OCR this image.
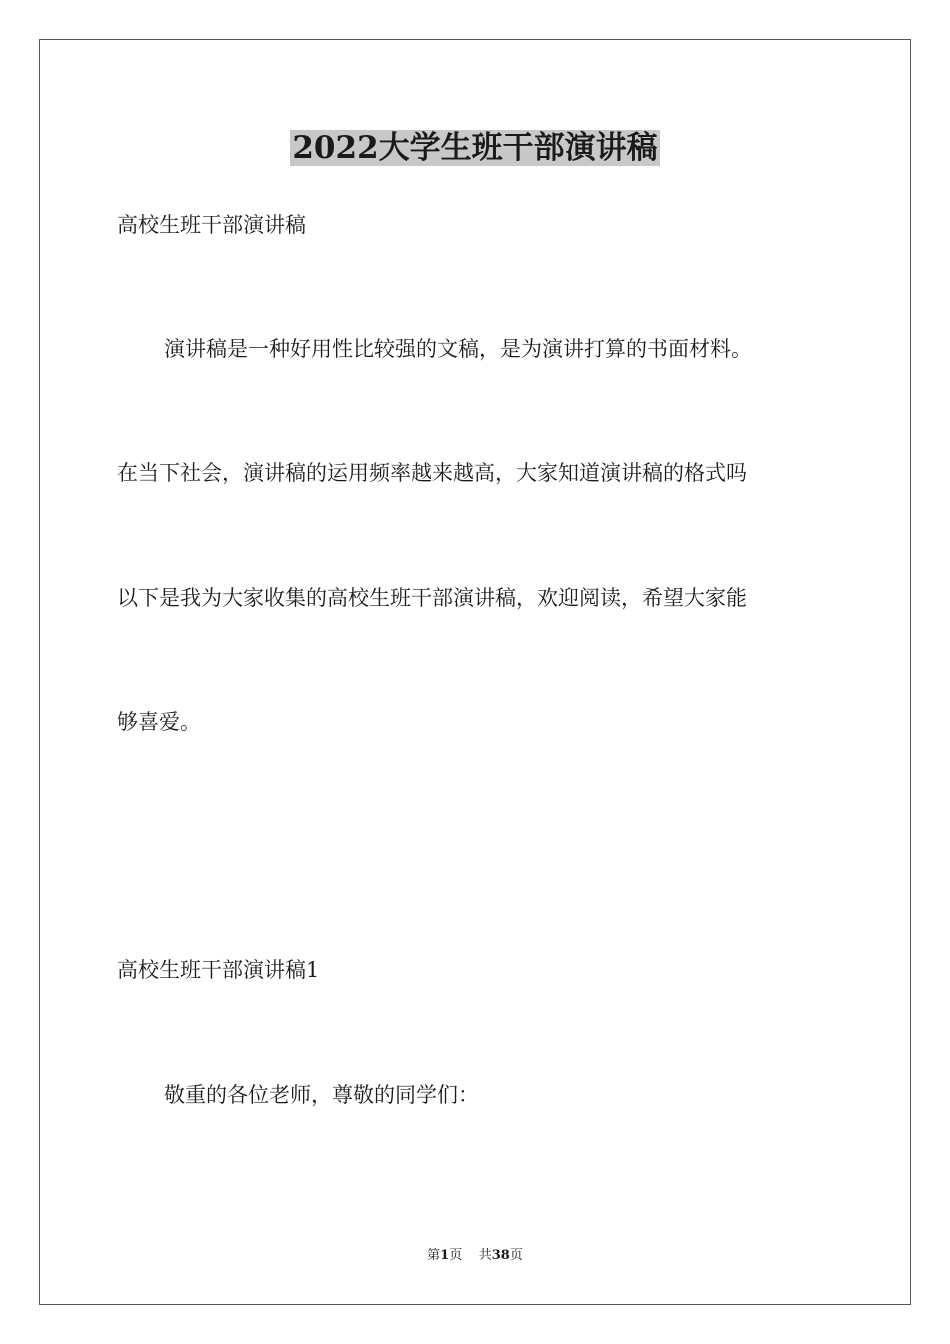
2022大学生班干部演讲稿
高校生班干部演讲稿
演讲稿是一种好用性比较强的文稿，是为演讲打算的书面材料。
在当下社会，演讲稿的运用频率越来越高，大家知道演讲稿的格式吗
以下是我为大家收集的高校生班干部演讲稿，欢迎阅读，希望大家能
够喜爱。
高校生班干部演讲稿1
敬重的各位老师，尊敬的同学们：
第1页 共38页
